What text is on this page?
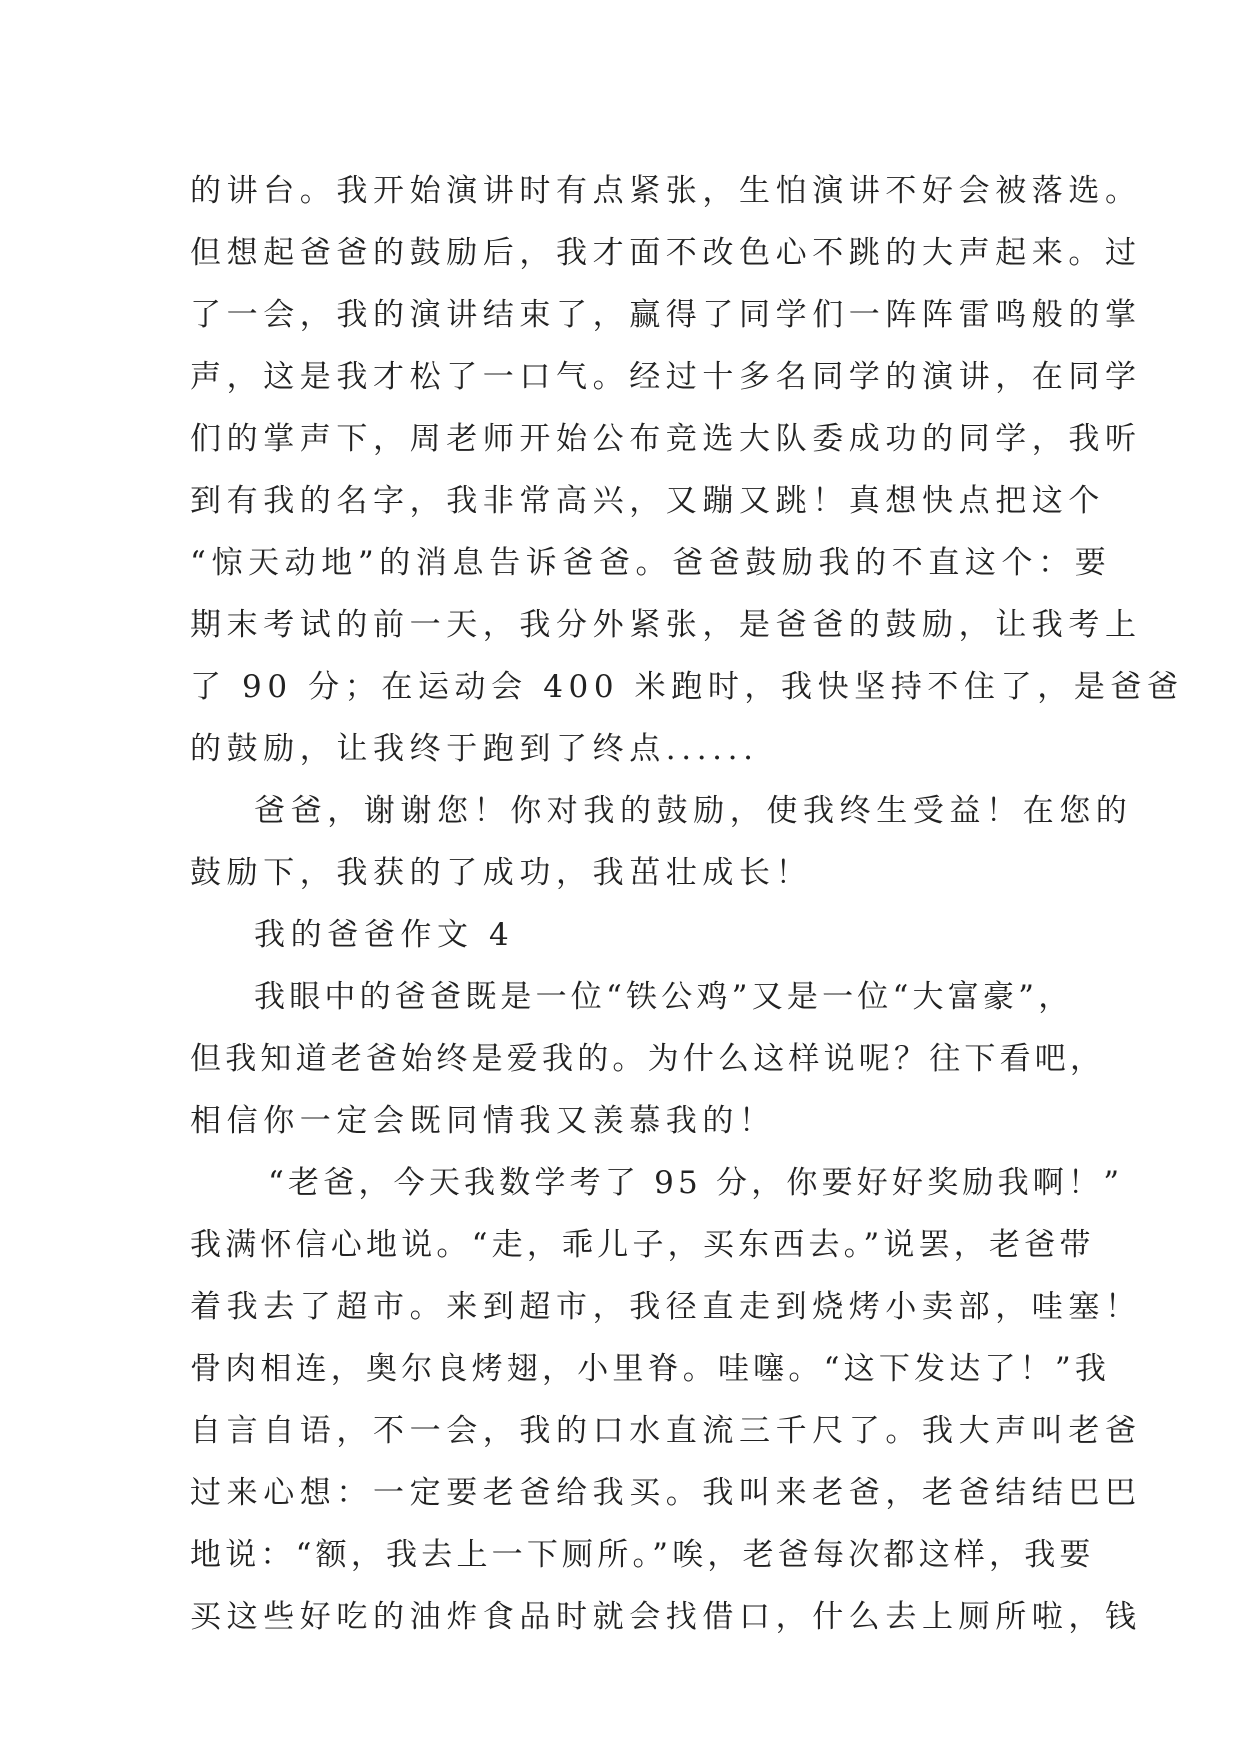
的讲台。我开始演讲时有点紧张，生怕演讲不好会被落选。
但想起爸爸的鼓励后，我才面不改色心不跳的大声起来。过
了一会，我的演讲结束了，赢得了同学们一阵阵雷鸣般的掌
声，这是我才松了一口气。经过十多名同学的演讲，在同学
们的掌声下，周老师开始公布竞选大队委成功的同学，我听
到有我的名字，我非常高兴，又蹦又跳！真想快点把这个
“惊天动地”的消息告诉爸爸。爸爸鼓励我的不直这个：要
期末考试的前一天，我分外紧张，是爸爸的鼓励，让我考上
了 90 分；在运动会 400 米跑时，我快坚持不住了，是爸爸
的鼓励，让我终于跑到了终点......
爸爸，谢谢您！你对我的鼓励，使我终生受益！在您的
鼓励下，我获的了成功，我茁壮成长！
我的爸爸作文 4
我眼中的爸爸既是一位“铁公鸡”又是一位“大富豪”，
但我知道老爸始终是爱我的。为什么这样说呢？往下看吧，
相信你一定会既同情我又羡慕我的！
“老爸，今天我数学考了 95 分，你要好好奖励我啊！”
我满怀信心地说。“走，乖儿子，买东西去。”说罢，老爸带
着我去了超市。来到超市，我径直走到烧烤小卖部，哇塞！
骨肉相连，奥尔良烤翅，小里脊。哇噻。“这下发达了！”我
自言自语，不一会，我的口水直流三千尺了。我大声叫老爸
过来心想：一定要老爸给我买。我叫来老爸，老爸结结巴巴
地说：“额，我去上一下厕所。”唉，老爸每次都这样，我要
买这些好吃的油炸食品时就会找借口，什么去上厕所啦，钱
